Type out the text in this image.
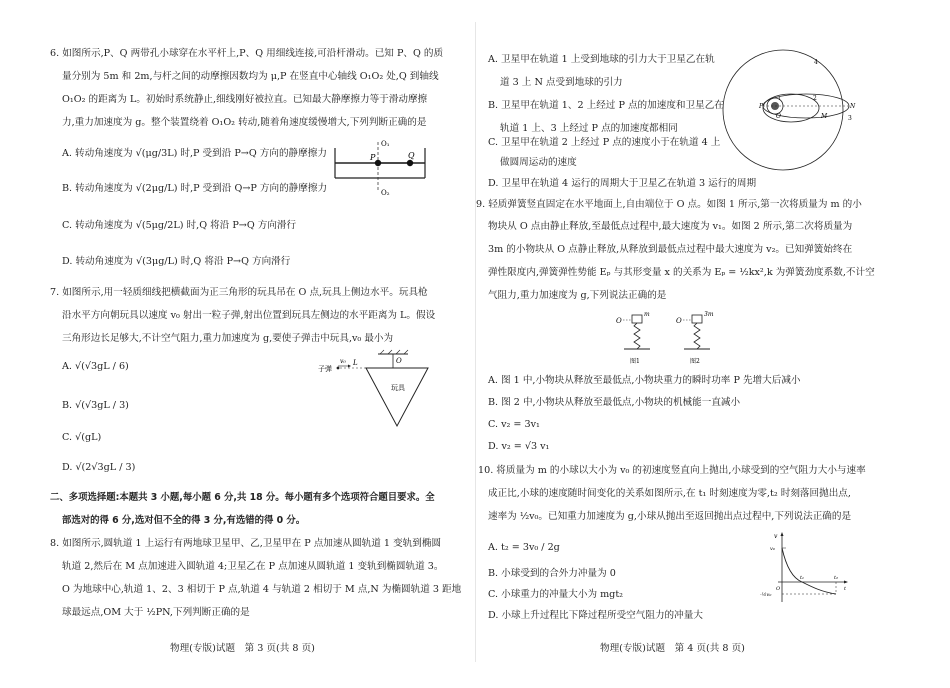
6. 如图所示,P、Q 两带孔小球穿在水平杆上,P、Q 用细线连接,可沿杆滑动。已知 P、Q 的质
量分别为 5m 和 2m,与杆之间的动摩擦因数均为 μ,P 在竖直中心轴线 O₁O₂ 处,Q 到轴线
O₁O₂ 的距离为 L。初始时系统静止,细线刚好被拉直。已知最大静摩擦力等于滑动摩擦
力,重力加速度为 g。整个装置绕着 O₁O₂ 转动,随着角速度缓慢增大,下列判断正确的是
A. 转动角速度为 √(μg/3L) 时,P 受到沿 P→Q 方向的静摩擦力
B. 转动角速度为 √(2μg/L) 时,P 受到沿 Q→P 方向的静摩擦力
C. 转动角速度为 √(5μg/2L) 时,Q 将沿 P→Q 方向滑行
D. 转动角速度为 √(3μg/L) 时,Q 将沿 P→Q 方向滑行
O₁
O₂
P	Q
7. 如图所示,用一轻质细线把横截面为正三角形的玩具吊在 O 点,玩具上侧边水平。玩具枪
沿水平方向朝玩具以速度 v₀ 射出一粒子弹,射出位置到玩具左侧边的水平距离为 L。假设
三角形边长足够大,不计空气阻力,重力加速度为 g,要使子弹击中玩具,v₀ 最小为
A. √(√3gL / 6)
B. √(√3gL / 3)
C. √(gL)
D. √(2√3gL / 3)
子弹
v₀ L	O
玩具
二、多项选择题:本题共 3 小题,每小题 6 分,共 18 分。每小题有多个选项符合题目要求。全
部选对的得 6 分,选对但不全的得 3 分,有选错的得 0 分。
8. 如图所示,圆轨道 1 上运行有两地球卫星甲、乙,卫星甲在 P 点加速从圆轨道 1 变轨到椭圆
轨道 2,然后在 M 点加速进入圆轨道 4;卫星乙在 P 点加速从圆轨道 1 变轨到椭圆轨道 3。
O 为地球中心,轨道 1、2、3 相切于 P 点,轨道 4 与轨道 2 相切于 M 点,N 为椭圆轨道 3 距地
球最远点,OM 大于 ½PN,下列判断正确的是
物理(专版)试题　第 3 页(共 8 页)
A. 卫星甲在轨道 1 上受到地球的引力大于卫星乙在轨
道 3 上 N 点受到地球的引力
B. 卫星甲在轨道 1、2 上经过 P 点的加速度和卫星乙在
轨道 1 上、3 上经过 P 点的加速度都相同
C. 卫星甲在轨道 2 上经过 P 点的速度小于在轨道 4 上
做圆周运动的速度
D. 卫星甲在轨道 4 运行的周期大于卫星乙在轨道 3 运行的周期
4
2
3
1
P
O	M
N
9. 轻质弹簧竖直固定在水平地面上,自由端位于 O 点。如图 1 所示,第一次将质量为 m 的小
物块从 O 点由静止释放,至最低点过程中,最大速度为 v₁。如图 2 所示,第二次将质量为
3m 的小物块从 O 点静止释放,从释放到最低点过程中最大速度为 v₂。已知弹簧始终在
弹性限度内,弹簧弹性势能 Eₚ 与其形变量 x 的关系为 Eₚ = ½kx²,k 为弹簧劲度系数,不计空
气阻力,重力加速度为 g,下列说法正确的是
O
m
图1
O
3m
图2
A. 图 1 中,小物块从释放至最低点,小物块重力的瞬时功率 P 先增大后减小
B. 图 2 中,小物块从释放至最低点,小物块的机械能一直减小
C. v₂ = 3v₁
D. v₂ = √3 v₁
10. 将质量为 m 的小球以大小为 v₀ 的初速度竖直向上抛出,小球受到的空气阻力大小与速率
成正比,小球的速度随时间变化的关系如图所示,在 t₁ 时刻速度为零,t₂ 时刻落回抛出点,
速率为 ½v₀。已知重力加速度为 g,小球从抛出至返回抛出点过程中,下列说法正确的是
A. t₂ = 3v₀ / 2g
B. 小球受到的合外力冲量为 0
C. 小球重力的冲量大小为 mgt₂
D. 小球上升过程比下降过程所受空气阻力的冲量大
v
v₀
O
t₁	t₂
t
-½v₀
物理(专版)试题　第 4 页(共 8 页)
